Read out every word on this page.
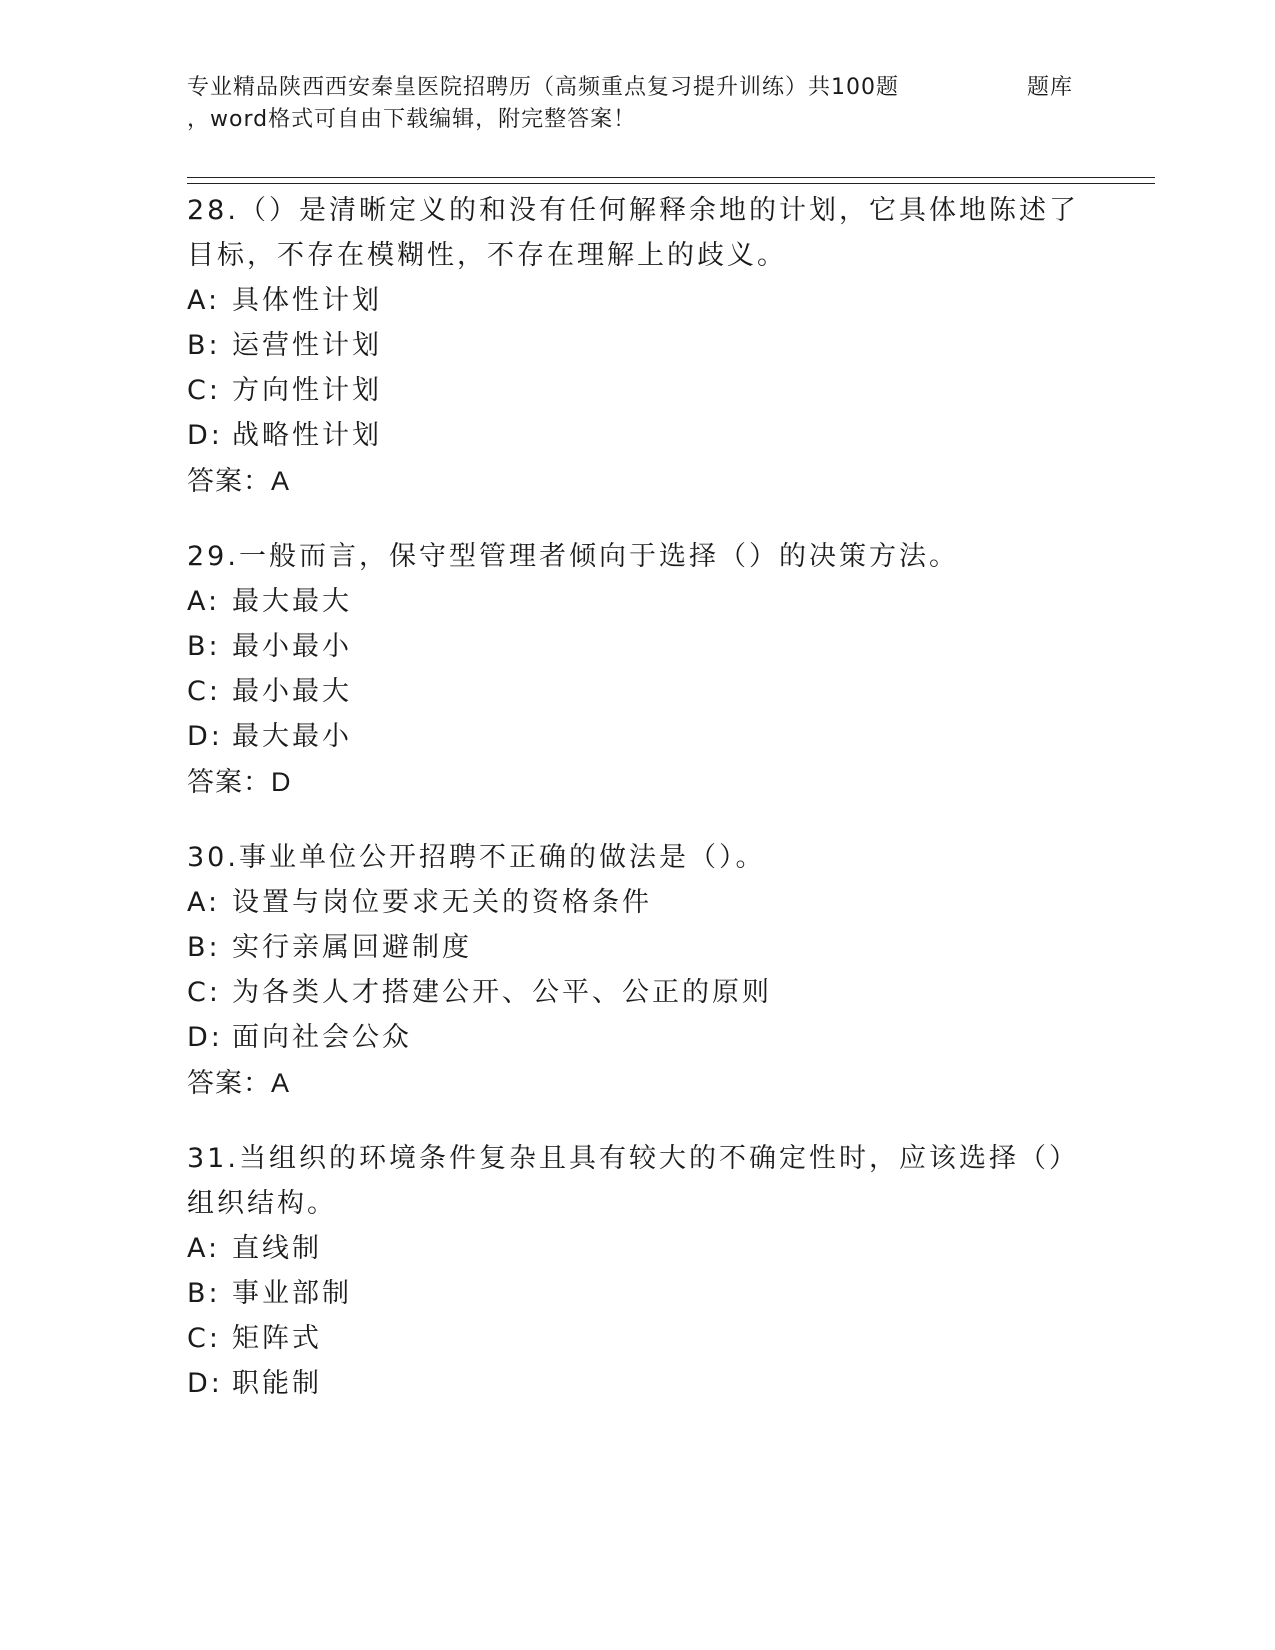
专业精品陕西西安秦皇医院招聘历（高频重点复习提升训练）共100题	题库
，word格式可自由下载编辑，附完整答案！
28.（）是清晰定义的和没有任何解释余地的计划，它具体地陈述了目标，不存在模糊性，不存在理解上的歧义。
A: 具体性计划
B: 运营性计划
C: 方向性计划
D: 战略性计划
答案：A
29.一般而言，保守型管理者倾向于选择（）的决策方法。
A: 最大最大
B: 最小最小
C: 最小最大
D: 最大最小
答案：D
30.事业单位公开招聘不正确的做法是（）。
A: 设置与岗位要求无关的资格条件
B: 实行亲属回避制度
C: 为各类人才搭建公开、公平、公正的原则
D: 面向社会公众
答案：A
31.当组织的环境条件复杂且具有较大的不确定性时，应该选择（）组织结构。
A: 直线制
B: 事业部制
C: 矩阵式
D: 职能制
